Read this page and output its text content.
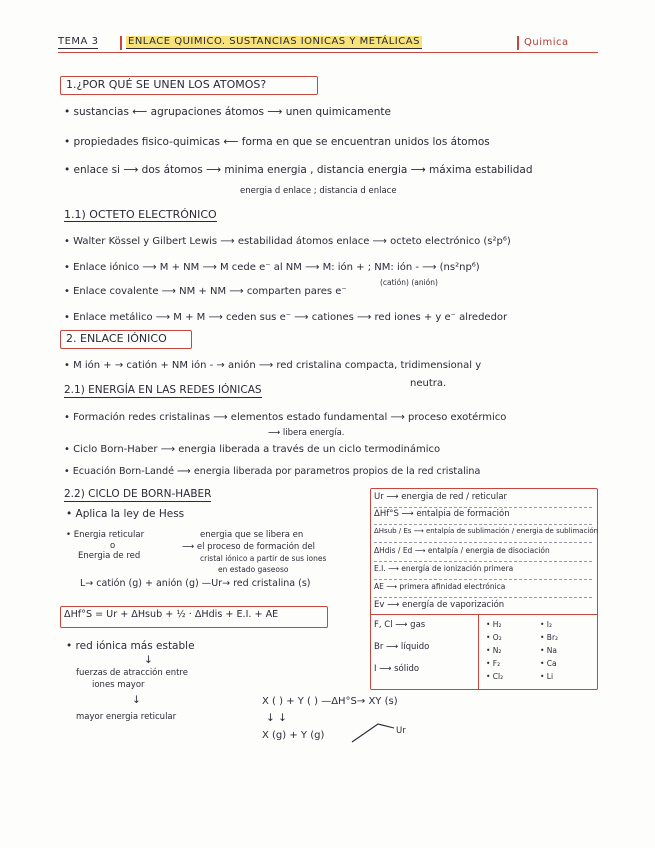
TEMA 3	ENLACE QUIMICO. SUSTANCIAS IONICAS Y METÁLICAS	Quimica
1.¿POR QUÉ SE UNEN LOS ATOMOS?
• sustancias ⟵ agrupaciones átomos ⟶ unen quimicamente
• propiedades fisico-quimicas ⟵ forma en que se encuentran unidos los átomos
• enlace si ⟶ dos átomos ⟶ minima energia , distancia energia ⟶ máxima estabilidad
energia d enlace ; distancia d enlace
1.1) OCTETO ELECTRÓNICO
• Walter Kössel y Gilbert Lewis ⟶ estabilidad átomos enlace ⟶ octeto electrónico (s²p⁶)
• Enlace iónico ⟶ M + NM ⟶ M cede e⁻ al NM ⟶ M: ión + ; NM: ión - ⟶ (ns²np⁶)
(catión) (anión)
• Enlace covalente ⟶ NM + NM ⟶ comparten pares e⁻
• Enlace metálico ⟶ M + M ⟶ ceden sus e⁻ ⟶ cationes ⟶ red iones + y e⁻ alrededor
2. ENLACE IÓNICO
• M ión + → catión + NM ión - → anión ⟶ red cristalina compacta, tridimensional y
neutra.
2.1) ENERGÍA EN LAS REDES IÓNICAS
• Formación redes cristalinas ⟶ elementos estado fundamental ⟶ proceso exotérmico
⟶ libera energía.
• Ciclo Born-Haber ⟶ energia liberada a través de un ciclo termodinámico
• Ecuación Born-Landé ⟶ energia liberada por parametros propios de la red cristalina
2.2) CICLO DE BORN-HABER
• Aplica la ley de Hess
• Energia reticular
o
Energia de red
energia que se libera en
⟶ el proceso de formación del
cristal iónico a partir de sus iones
en estado gaseoso
L→ catión (g) + anión (g) —Ur→ red cristalina (s)
ΔHf°S = Ur + ΔHsub + ½ · ΔHdis + E.I. + AE
• red iónica más estable
↓
fuerzas de atracción entre
iones mayor
↓
mayor energia reticular
X ( ) + Y ( ) —ΔH°S→ XY (s)
↓ ↓
X (g) + Y (g)	Ur
Ur ⟶ energia de red / reticular
ΔHf°S ⟶ entalpia de formación
ΔHsub / Es ⟶ entalpía de sublimación / energia de sublimación
ΔHdis / Ed ⟶ entalpía / energia de disociación
E.I. ⟶ energía de ionización primera
AE ⟶ primera afinidad electrónica
Ev ⟶ energía de vaporización
F, Cl ⟶ gas
Br ⟶ líquido
I ⟶ sólido
• H₂
• O₂
• N₂
• F₂
• Cl₂
• I₂
• Br₂
• Na
• Ca
• Li
